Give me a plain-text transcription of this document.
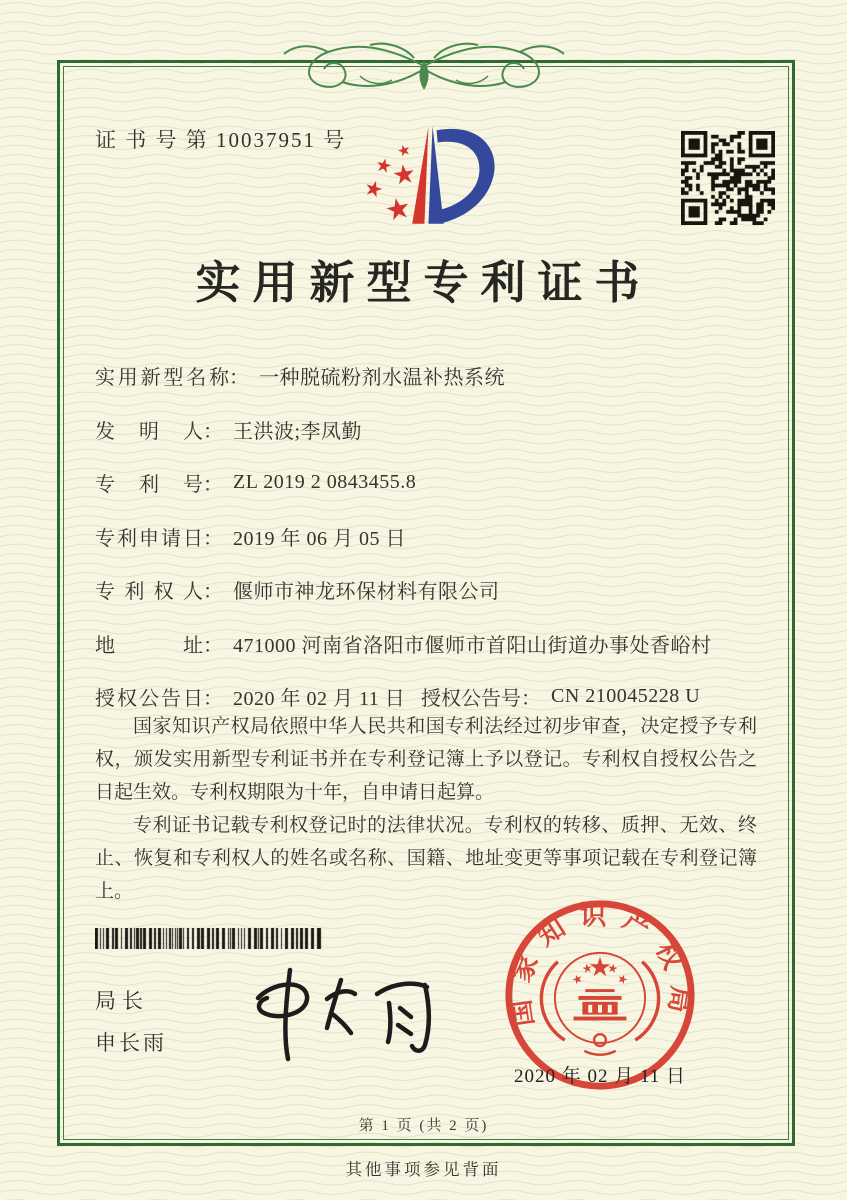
证 书 号 第 10037951 号
实用新型专利证书
实用新型名称 ： 一种脱硫粉剂水温补热系统
发明人 ： 王洪波;李凤勤
专利号 ： ZL 2019 2 0843455.8
专利申请日 ： 2019 年 06 月 05 日
专利权人 ： 偃师市神龙环保材料有限公司
地址 ： 471000 河南省洛阳市偃师市首阳山街道办事处香峪村
授权公告日 ： 2020 年 02 月 11 日 授权公告号 ： CN 210045228 U

国家知识产权局依照中华人民共和国专利法经过初步审查，决定授予专利权，颁发实用新型专利证书并在专利登记簿上予以登记。专利权自授权公告之日起生效。专利权期限为十年，自申请日起算。

专利证书记载专利权登记时的法律状况。专利权的转移、质押、无效、终止、恢复和专利权人的姓名或名称、国籍、地址变更等事项记载在专利登记簿上。

局长
申长雨
国家知识产权局
2020 年 02 月 11 日
第 1 页 (共 2 页)
其他事项参见背面
